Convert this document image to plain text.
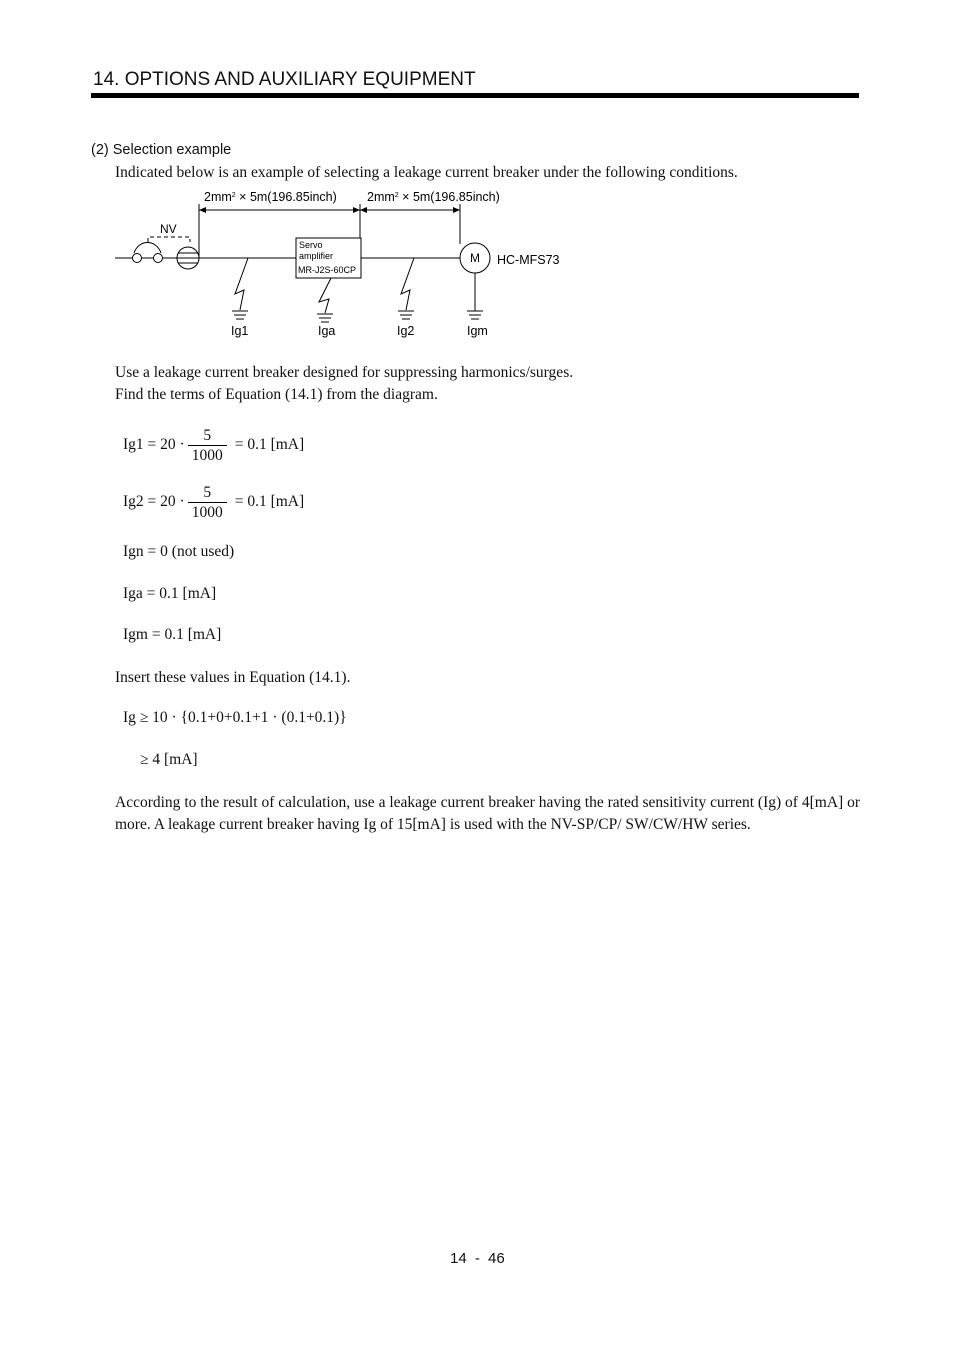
14. OPTIONS AND AUXILIARY EQUIPMENT
(2) Selection example

Indicated below is an example of selecting a leakage current breaker under the following conditions.

$2mm^2$ × 5m(196.85inch) $2mm^2$ × 5m(196.85inch)
NV
Servo
amplifier
MR-J2S-60CP
M HC-MFS73
Ig1	Iga	Ig2	Igm
Use a leakage current breaker designed for suppressing harmonics/surges.
Find the terms of Equation (14.1) from the diagram.
$Ig1 = 20 \cdot \frac{5}{1000} = 0.1$ [mA]
$Ig2 = 20 \cdot \frac{5}{1000} = 0.1$ [mA]
Ign = 0 (not used)
Iga = 0.1 [mA]
Igm = 0.1 [mA]
Insert these values in Equation (14.1).
Ig ≥ 10 · {0.1+0+0.1+1 · (0.1+0.1)}
≥ 4 [mA]

According to the result of calculation, use a leakage current breaker having the rated sensitivity current (Ig) of 4[mA] or more. A leakage current breaker having Ig of 15[mA] is used with the NV-SP/CP/ SW/CW/HW series.

14 - 46
